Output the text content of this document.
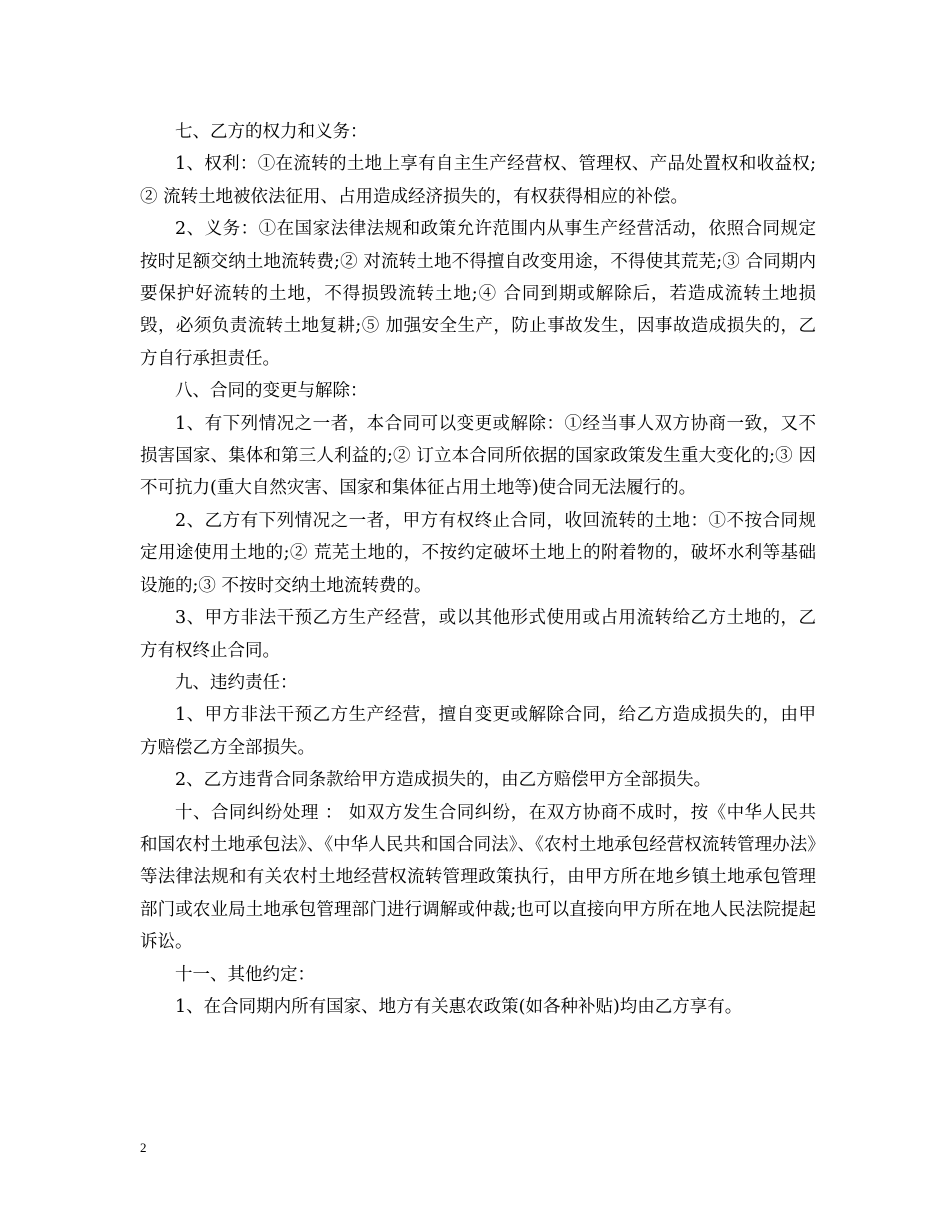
七、乙方的权力和义务：

1、权利：①在流转的土地上享有自主生产经营权、管理权、产品处置权和收益权;② 流转土地被依法征用、占用造成经济损失的，有权获得相应的补偿。

2、义务：①在国家法律法规和政策允许范围内从事生产经营活动，依照合同规定按时足额交纳土地流转费;② 对流转土地不得擅自改变用途，不得使其荒芜;③ 合同期内要保护好流转的土地，不得损毁流转土地;④ 合同到期或解除后，若造成流转土地损毁，必须负责流转土地复耕;⑤ 加强安全生产，防止事故发生，因事故造成损失的，乙方自行承担责任。

八、合同的变更与解除：

1、有下列情况之一者，本合同可以变更或解除：①经当事人双方协商一致，又不损害国家、集体和第三人利益的;② 订立本合同所依据的国家政策发生重大变化的;③ 因不可抗力(重大自然灾害、国家和集体征占用土地等)使合同无法履行的。

2、乙方有下列情况之一者，甲方有权终止合同，收回流转的土地：①不按合同规定用途使用土地的;② 荒芜土地的，不按约定破坏土地上的附着物的，破坏水利等基础设施的;③ 不按时交纳土地流转费的。

3、甲方非法干预乙方生产经营，或以其他形式使用或占用流转给乙方土地的，乙方有权终止合同。

九、违约责任：

1、甲方非法干预乙方生产经营，擅自变更或解除合同，给乙方造成损失的，由甲方赔偿乙方全部损失。

2、乙方违背合同条款给甲方造成损失的，由乙方赔偿甲方全部损失。

十、合同纠纷处理 ： 如双方发生合同纠纷，在双方协商不成时，按《中华人民共和国农村土地承包法》、《中华人民共和国合同法》、《农村土地承包经营权流转管理办法》等法律法规和有关农村土地经营权流转管理政策执行，由甲方所在地乡镇土地承包管理部门或农业局土地承包管理部门进行调解或仲裁;也可以直接向甲方所在地人民法院提起诉讼。

十一、其他约定：

1、在合同期内所有国家、地方有关惠农政策(如各种补贴)均由乙方享有。

2
